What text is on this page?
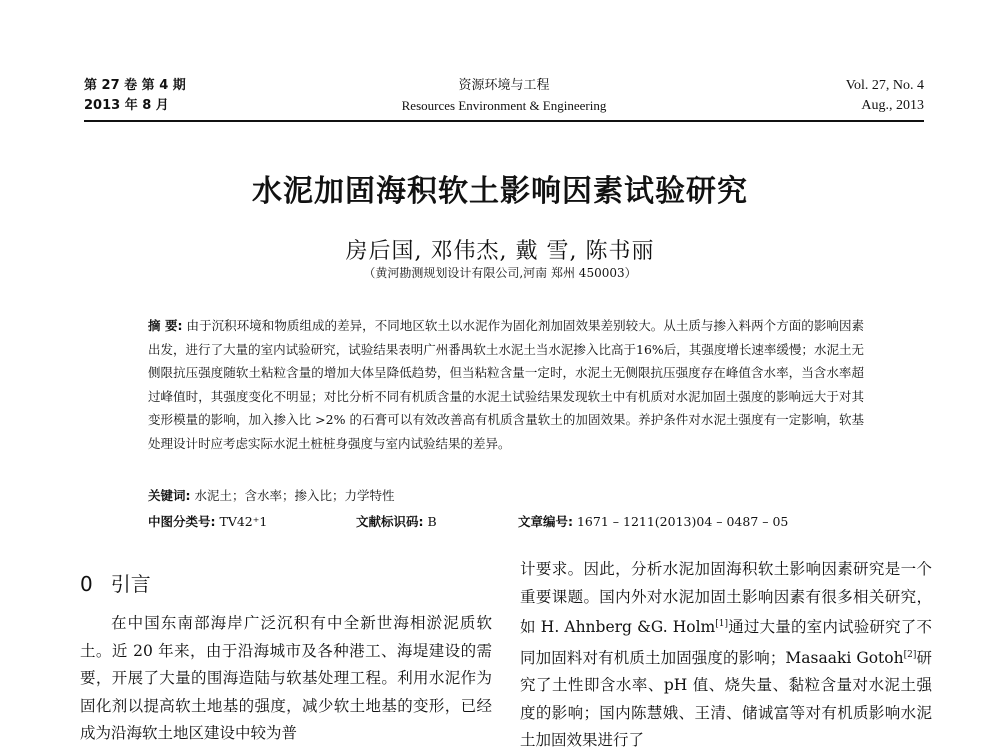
第 27 卷 第 4 期
2013 年 8 月
资源环境与工程
Resources Environment & Engineering
Vol. 27, No. 4
Aug., 2013
水泥加固海积软土影响因素试验研究
房后国, 邓伟杰, 戴 雪, 陈书丽
（黄河勘测规划设计有限公司,河南 郑州 450003）
摘 要: 由于沉积环境和物质组成的差异，不同地区软土以水泥作为固化剂加固效果差别较大。从土质与掺入料两个方面的影响因素出发，进行了大量的室内试验研究，试验结果表明广州番禺软土水泥土当水泥掺入比高于16%后，其强度增长速率缓慢；水泥土无侧限抗压强度随软土粘粒含量的增加大体呈降低趋势，但当粘粒含量一定时，水泥土无侧限抗压强度存在峰值含水率，当含水率超过峰值时，其强度变化不明显；对比分析不同有机质含量的水泥土试验结果发现软土中有机质对水泥加固土强度的影响远大于对其变形模量的影响，加入掺入比 >2% 的石膏可以有效改善高有机质含量软土的加固效果。养护条件对水泥土强度有一定影响，软基处理设计时应考虑实际水泥土桩桩身强度与室内试验结果的差异。
关键词: 水泥土；含水率；掺入比；力学特性
中图分类号: TV42⁺1	文献标识码: B	文章编号: 1671 – 1211(2013)04 – 0487 – 05
0 引言

在中国东南部海岸广泛沉积有中全新世海相淤泥质软土。近 20 年来，由于沿海城市及各种港工、海堤建设的需要，开展了大量的围海造陆与软基处理工程。利用水泥作为固化剂以提高软土地基的强度，减少软土地基的变形，已经成为沿海软土地区建设中较为普

计要求。因此，分析水泥加固海积软土影响因素研究是一个重要课题。国内外对水泥加固土影响因素有很多相关研究，如 H. Ahnberg &G. Holm[1]通过大量的室内试验研究了不同加固料对有机质土加固强度的影响；Masaaki Gotoh[2]研究了土性即含水率、pH 值、烧失量、黏粒含量对水泥土强度的影响；国内陈慧娥、王清、储诚富等对有机质影响水泥土加固效果进行了
